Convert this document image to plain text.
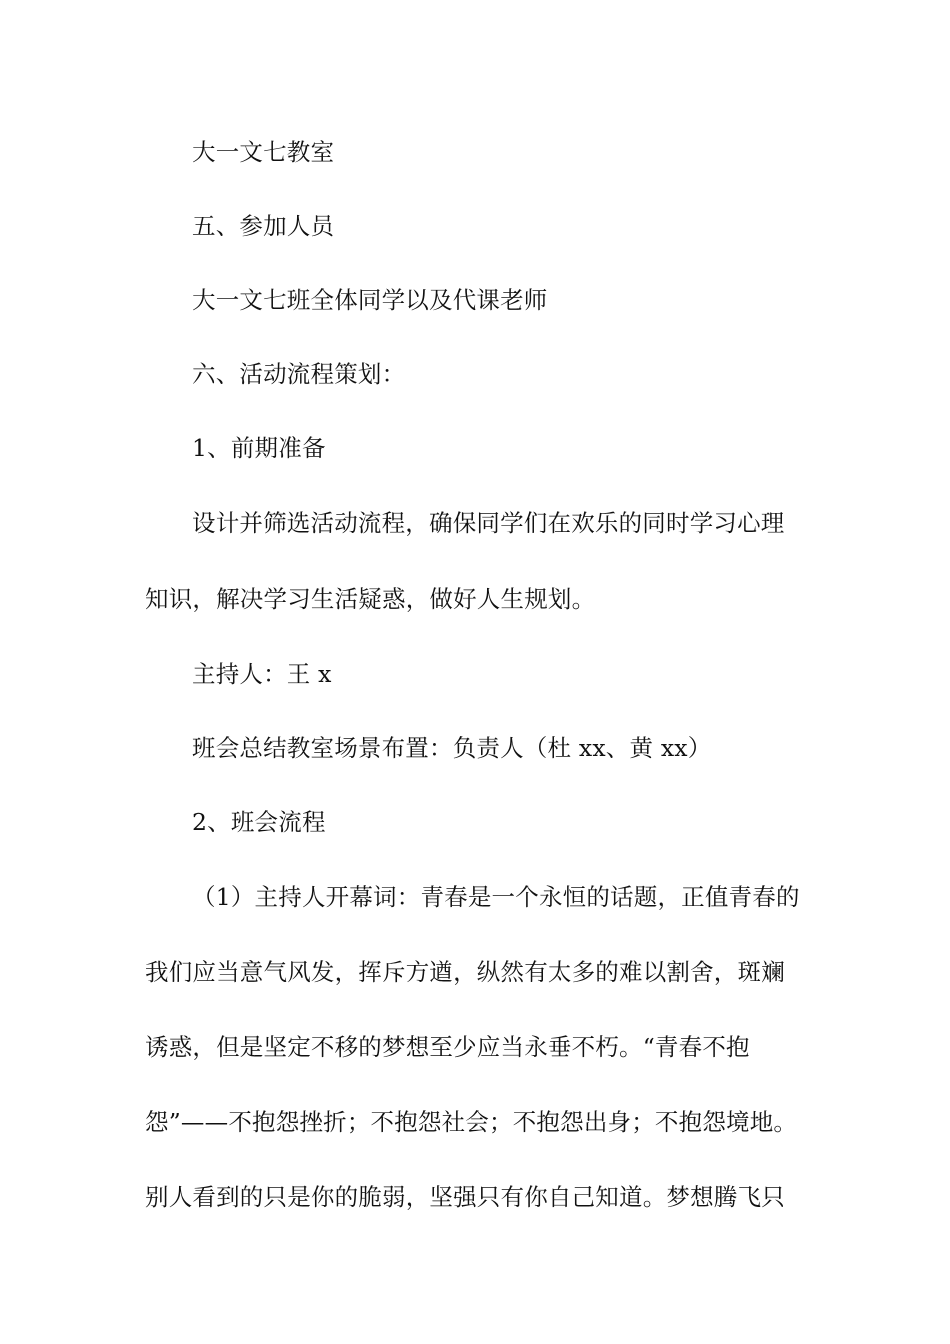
大一文七教室
五、参加人员
大一文七班全体同学以及代课老师
六、活动流程策划：
1、前期准备
设计并筛选活动流程，确保同学们在欢乐的同时学习心理
知识，解决学习生活疑惑，做好人生规划。
主持人：王 x
班会总结教室场景布置：负责人（杜 xx、黄 xx）
2、班会流程
（1）主持人开幕词：青春是一个永恒的话题，正值青春的
我们应当意气风发，挥斥方遒，纵然有太多的难以割舍，斑斓
诱惑，但是坚定不移的梦想至少应当永垂不朽。“青春不抱
怨”——不抱怨挫折；不抱怨社会；不抱怨出身；不抱怨境地。
别人看到的只是你的脆弱，坚强只有你自己知道。梦想腾飞只
